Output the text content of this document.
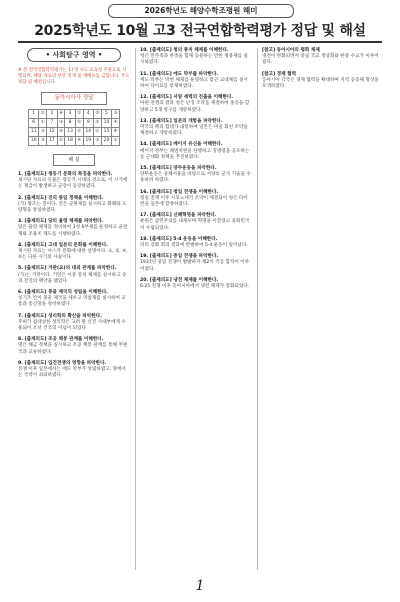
2026학년도 해양수학조평원 해미
2025학년도 10월 고3 전국연합학력평가 정답 및 해설
• 사회탐구 영역 •
※ 본 전국연합학력평가는 17개 시도 교육청 주관으로 시행되며, 해당 자료의 무단 전재 및 재배포를 금합니다. 주요 정답 및 해설입니다.
동아시아사 정답
1	②	2	④	3	①	4	⑤	5	③
6	①	7	③	8	②	9	⑤	10	④
11	③	12	⑤	13	②	14	①	15	④
16	⑤	17	②	18	④	19	③	20	①
해 설
1. [출제의도] 청동기 문화의 특징을 파악한다.
제시된 자료의 유물은 청동기 시대의 것으로, 이 시기에는 계급이 발생하고 군장이 등장하였다.
2. [출제의도] 진의 통일 정책을 이해한다.
(가) 왕조는 진이다. 진은 군현제를 실시하고 화폐와 도량형을 통일하였다.
3. [출제의도] 당의 율령 체제를 파악한다.
당은 율령 체제를 정비하여 3성 6부제를 운영하고 균전제와 조용조 제도를 시행하였다.
4. [출제의도] 고대 일본의 문화를 이해한다.
제시된 자료는 아스카 문화에 대한 설명이다. ①, ②, ④, ⑤는 다른 시기의 사실이다.
5. [출제의도] 거란(요)의 대외 관계를 파악한다.
(가)는 거란이다. 거란은 이중 통치 체제를 실시하고 송과 전연의 맹약을 맺었다.
6. [출제의도] 몽골 제국의 성립을 이해한다.
칭기즈 칸이 몽골 제국을 세우고 역참제를 실시하여 교통과 통신망을 정비하였다.
7. [출제의도] 성리학의 확산을 파악한다.
주희가 집대성한 성리학은 고려 말 신진 사대부에게 수용되어 조선 건국의 이념이 되었다.
8. [출제의도] 조공 책봉 관계를 이해한다.
명은 해금 정책을 실시하고 조공 책봉 관계를 통해 주변국과 교류하였다.
9. [출제의도] 임진전쟁의 영향을 파악한다.
전쟁 이후 일본에서는 에도 막부가 성립하였고, 명에서는 국력이 쇠퇴하였다.
10. [출제의도] 청의 통치 체제를 이해한다.
청은 만주족과 한족을 함께 등용하는 만한 병용제를 실시하였다.
11. [출제의도] 에도 막부를 파악한다.
에도 막부는 막번 체제를 운영하고 참근 교대제를 실시하여 다이묘를 통제하였다.
12. [출제의도] 서양 세력의 진출을 이해한다.
아편 전쟁의 결과 청은 난징 조약을 체결하여 홍콩을 할양하고 5개 항구를 개항하였다.
13. [출제의도] 일본의 개항을 파악한다.
미국의 페리 함대가 내항하여 일본은 미일 화친 조약을 체결하고 개항하였다.
14. [출제의도] 메이지 유신을 이해한다.
메이지 정부는 폐번치현을 단행하고 징병령을 공포하는 등 근대화 정책을 추진하였다.
15. [출제의도] 양무운동을 파악한다.
양무운동은 중체서용을 바탕으로 서양의 군사 기술을 수용하려 하였다.
16. [출제의도] 청일 전쟁을 이해한다.
청일 전쟁 이후 시모노세키 조약이 체결되어 청은 타이완을 일본에 할양하였다.
17. [출제의도] 신해혁명을 파악한다.
쑨원은 삼민주의를 내세우며 혁명을 이끌었고 중화민국이 수립되었다.
18. [출제의도] 5·4 운동을 이해한다.
파리 강화 회의 결과에 반발하여 5·4 운동이 일어났다.
19. [출제의도] 중일 전쟁을 파악한다.
1937년 중일 전쟁이 발발하자 제2차 국공 합작이 이루어졌다.
20. [출제의도] 냉전 체제를 이해한다.
6·25 전쟁 이후 동아시아에서 냉전 체제가 강화되었다.
[참고] 동아시아의 평화 체제
냉전이 완화되면서 중일 국교 정상화와 한중 수교가 이루어졌다.
[참고] 경제 협력
동아시아 각국은 경제 협력을 확대하며 지역 공동체 형성을 모색하였다.
1
